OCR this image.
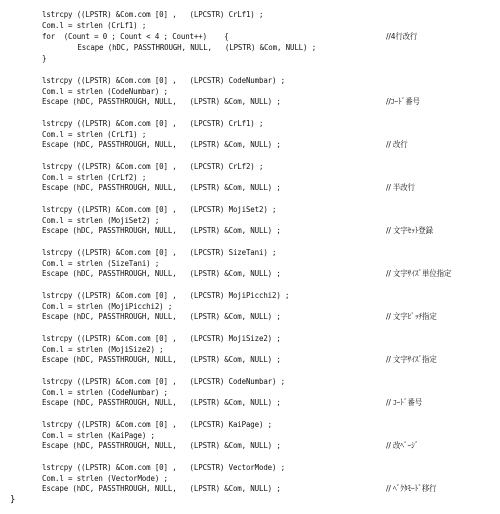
lstrcpy ((LPSTR) &Com.com [0] ,   (LPCSTR) CrLf1) ;
Com.l = strlen (CrLf1) ;
for  (Count = 0 ; Count < 4 ; Count++)    {	//4行改行
Escape (hDC, PASSTHROUGH, NULL,   (LPSTR) &Com, NULL) ;
}
lstrcpy ((LPSTR) &Com.com [0] ,   (LPCSTR) CodeNumbar) ;
Com.l = strlen (CodeNumbar) ;
Escape (hDC, PASSTHROUGH, NULL,   (LPSTR) &Com, NULL) ;	//ｺｰﾄﾞ番号
lstrcpy ((LPSTR) &Com.com [0] ,   (LPCSTR) CrLf1) ;
Com.l = strlen (CrLf1) ;
Escape (hDC, PASSTHROUGH, NULL,   (LPSTR) &Com, NULL) ;	// 改行
lstrcpy ((LPSTR) &Com.com [0] ,   (LPCSTR) CrLf2) ;
Com.l = strlen (CrLf2) ;
Escape (hDC, PASSTHROUGH, NULL,   (LPSTR) &Com, NULL) ;	// 半改行
lstrcpy ((LPSTR) &Com.com [0] ,   (LPCSTR) MojiSet2) ;
Com.l = strlen (MojiSet2) ;
Escape (hDC, PASSTHROUGH, NULL,   (LPSTR) &Com, NULL) ;	// 文字ｾｯﾄ登録
lstrcpy ((LPSTR) &Com.com [0] ,   (LPCSTR) SizeTani) ;
Com.l = strlen (SizeTani) ;
Escape (hDC, PASSTHROUGH, NULL,   (LPSTR) &Com, NULL) ;	// 文字ｻｲｽﾞ単位指定
lstrcpy ((LPSTR) &Com.com [0] ,   (LPCSTR) MojiPicchi2) ;
Com.l = strlen (MojiPicchi2) ;
Escape (hDC, PASSTHROUGH, NULL,   (LPSTR) &Com, NULL) ;	// 文字ﾋﾟｯﾁ指定
lstrcpy ((LPSTR) &Com.com [0] ,   (LPCSTR) MojiSize2) ;
Com.l = strlen (MojiSize2) ;
Escape (hDC, PASSTHROUGH, NULL,   (LPSTR) &Com, NULL) ;	// 文字ｻｲｽﾞ指定
lstrcpy ((LPSTR) &Com.com [0] ,   (LPCSTR) CodeNumbar) ;
Com.l = strlen (CodeNumbar) ;
Escape (hDC, PASSTHROUGH, NULL,   (LPSTR) &Com, NULL) ;	// ｺｰﾄﾞ番号
lstrcpy ((LPSTR) &Com.com [0] ,   (LPCSTR) KaiPage) ;
Com.l = strlen (KaiPage) ;
Escape (hDC, PASSTHROUGH, NULL,   (LPSTR) &Com, NULL) ;	// 改ﾍﾟｰｼﾞ
lstrcpy ((LPSTR) &Com.com [0] ,   (LPCSTR) VectorMode) ;
Com.l = strlen (VectorMode) ;
Escape (hDC, PASSTHROUGH, NULL,   (LPSTR) &Com, NULL) ;	// ﾍﾞｸﾀﾓｰﾄﾞ移行
}
